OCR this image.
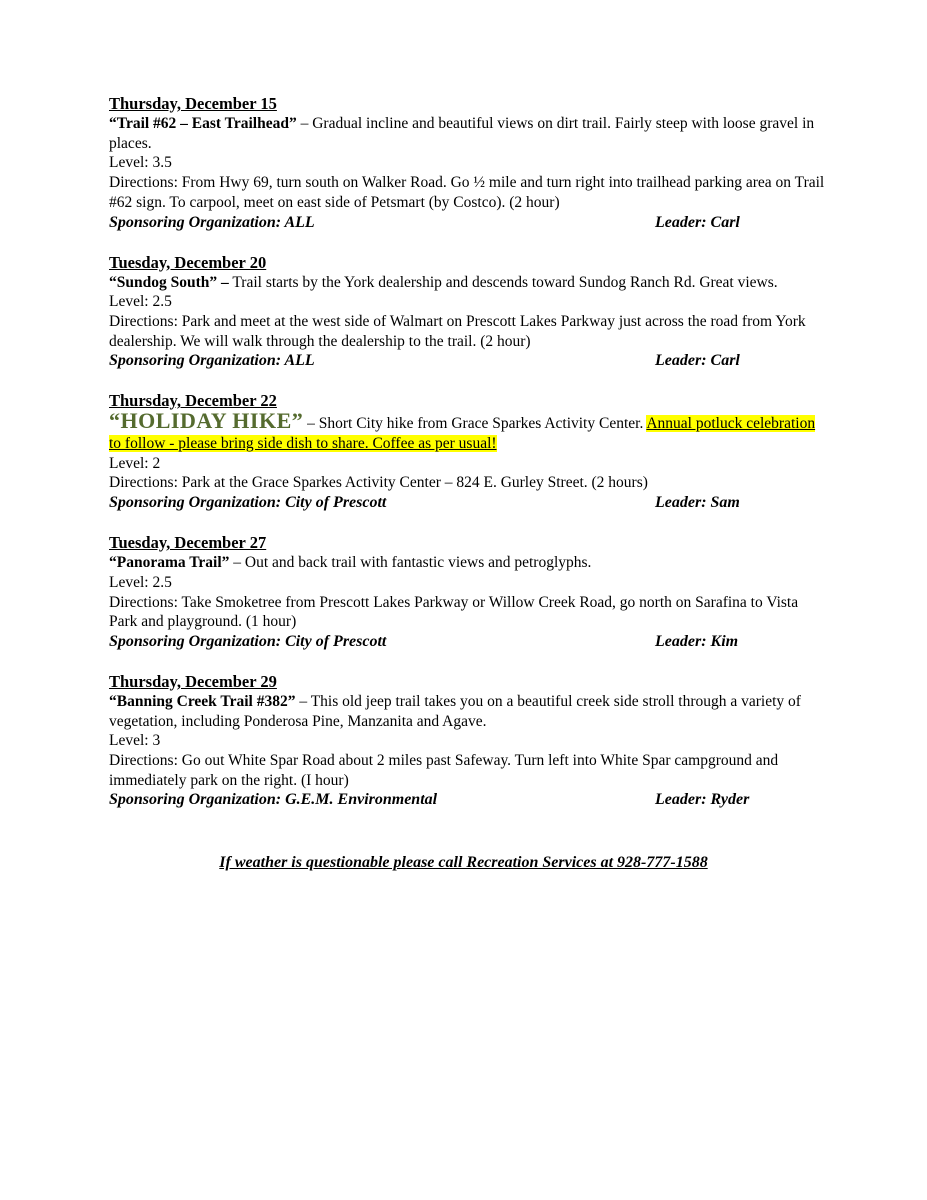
Thursday, December 15
“Trail #62 – East Trailhead” – Gradual incline and beautiful views on dirt trail. Fairly steep with loose gravel in places.
Level: 3.5
Directions: From Hwy 69, turn south on Walker Road. Go ½ mile and turn right into trailhead parking area on Trail #62 sign. To carpool, meet on east side of Petsmart (by Costco). (2 hour)
Sponsoring Organization: ALL	Leader: Carl
Tuesday, December 20
“Sundog South” – Trail starts by the York dealership and descends toward Sundog Ranch Rd. Great views.
Level: 2.5
Directions: Park and meet at the west side of Walmart on Prescott Lakes Parkway just across the road from York dealership. We will walk through the dealership to the trail. (2 hour)
Sponsoring Organization: ALL	Leader: Carl
Thursday, December 22
“HOLIDAY HIKE” – Short City hike from Grace Sparkes Activity Center. Annual potluck celebration to follow - please bring side dish to share. Coffee as per usual!
Level: 2
Directions: Park at the Grace Sparkes Activity Center – 824 E. Gurley Street. (2 hours)
Sponsoring Organization: City of Prescott	Leader: Sam
Tuesday, December 27
“Panorama Trail” – Out and back trail with fantastic views and petroglyphs.
Level: 2.5
Directions: Take Smoketree from Prescott Lakes Parkway or Willow Creek Road, go north on Sarafina to Vista Park and playground. (1 hour)
Sponsoring Organization: City of Prescott	Leader: Kim
Thursday, December 29
“Banning Creek Trail #382” – This old jeep trail takes you on a beautiful creek side stroll through a variety of vegetation, including Ponderosa Pine, Manzanita and Agave.
Level: 3
Directions: Go out White Spar Road about 2 miles past Safeway. Turn left into White Spar campground and immediately park on the right. (I hour)
Sponsoring Organization: G.E.M. Environmental	Leader: Ryder
If weather is questionable please call Recreation Services at 928-777-1588
